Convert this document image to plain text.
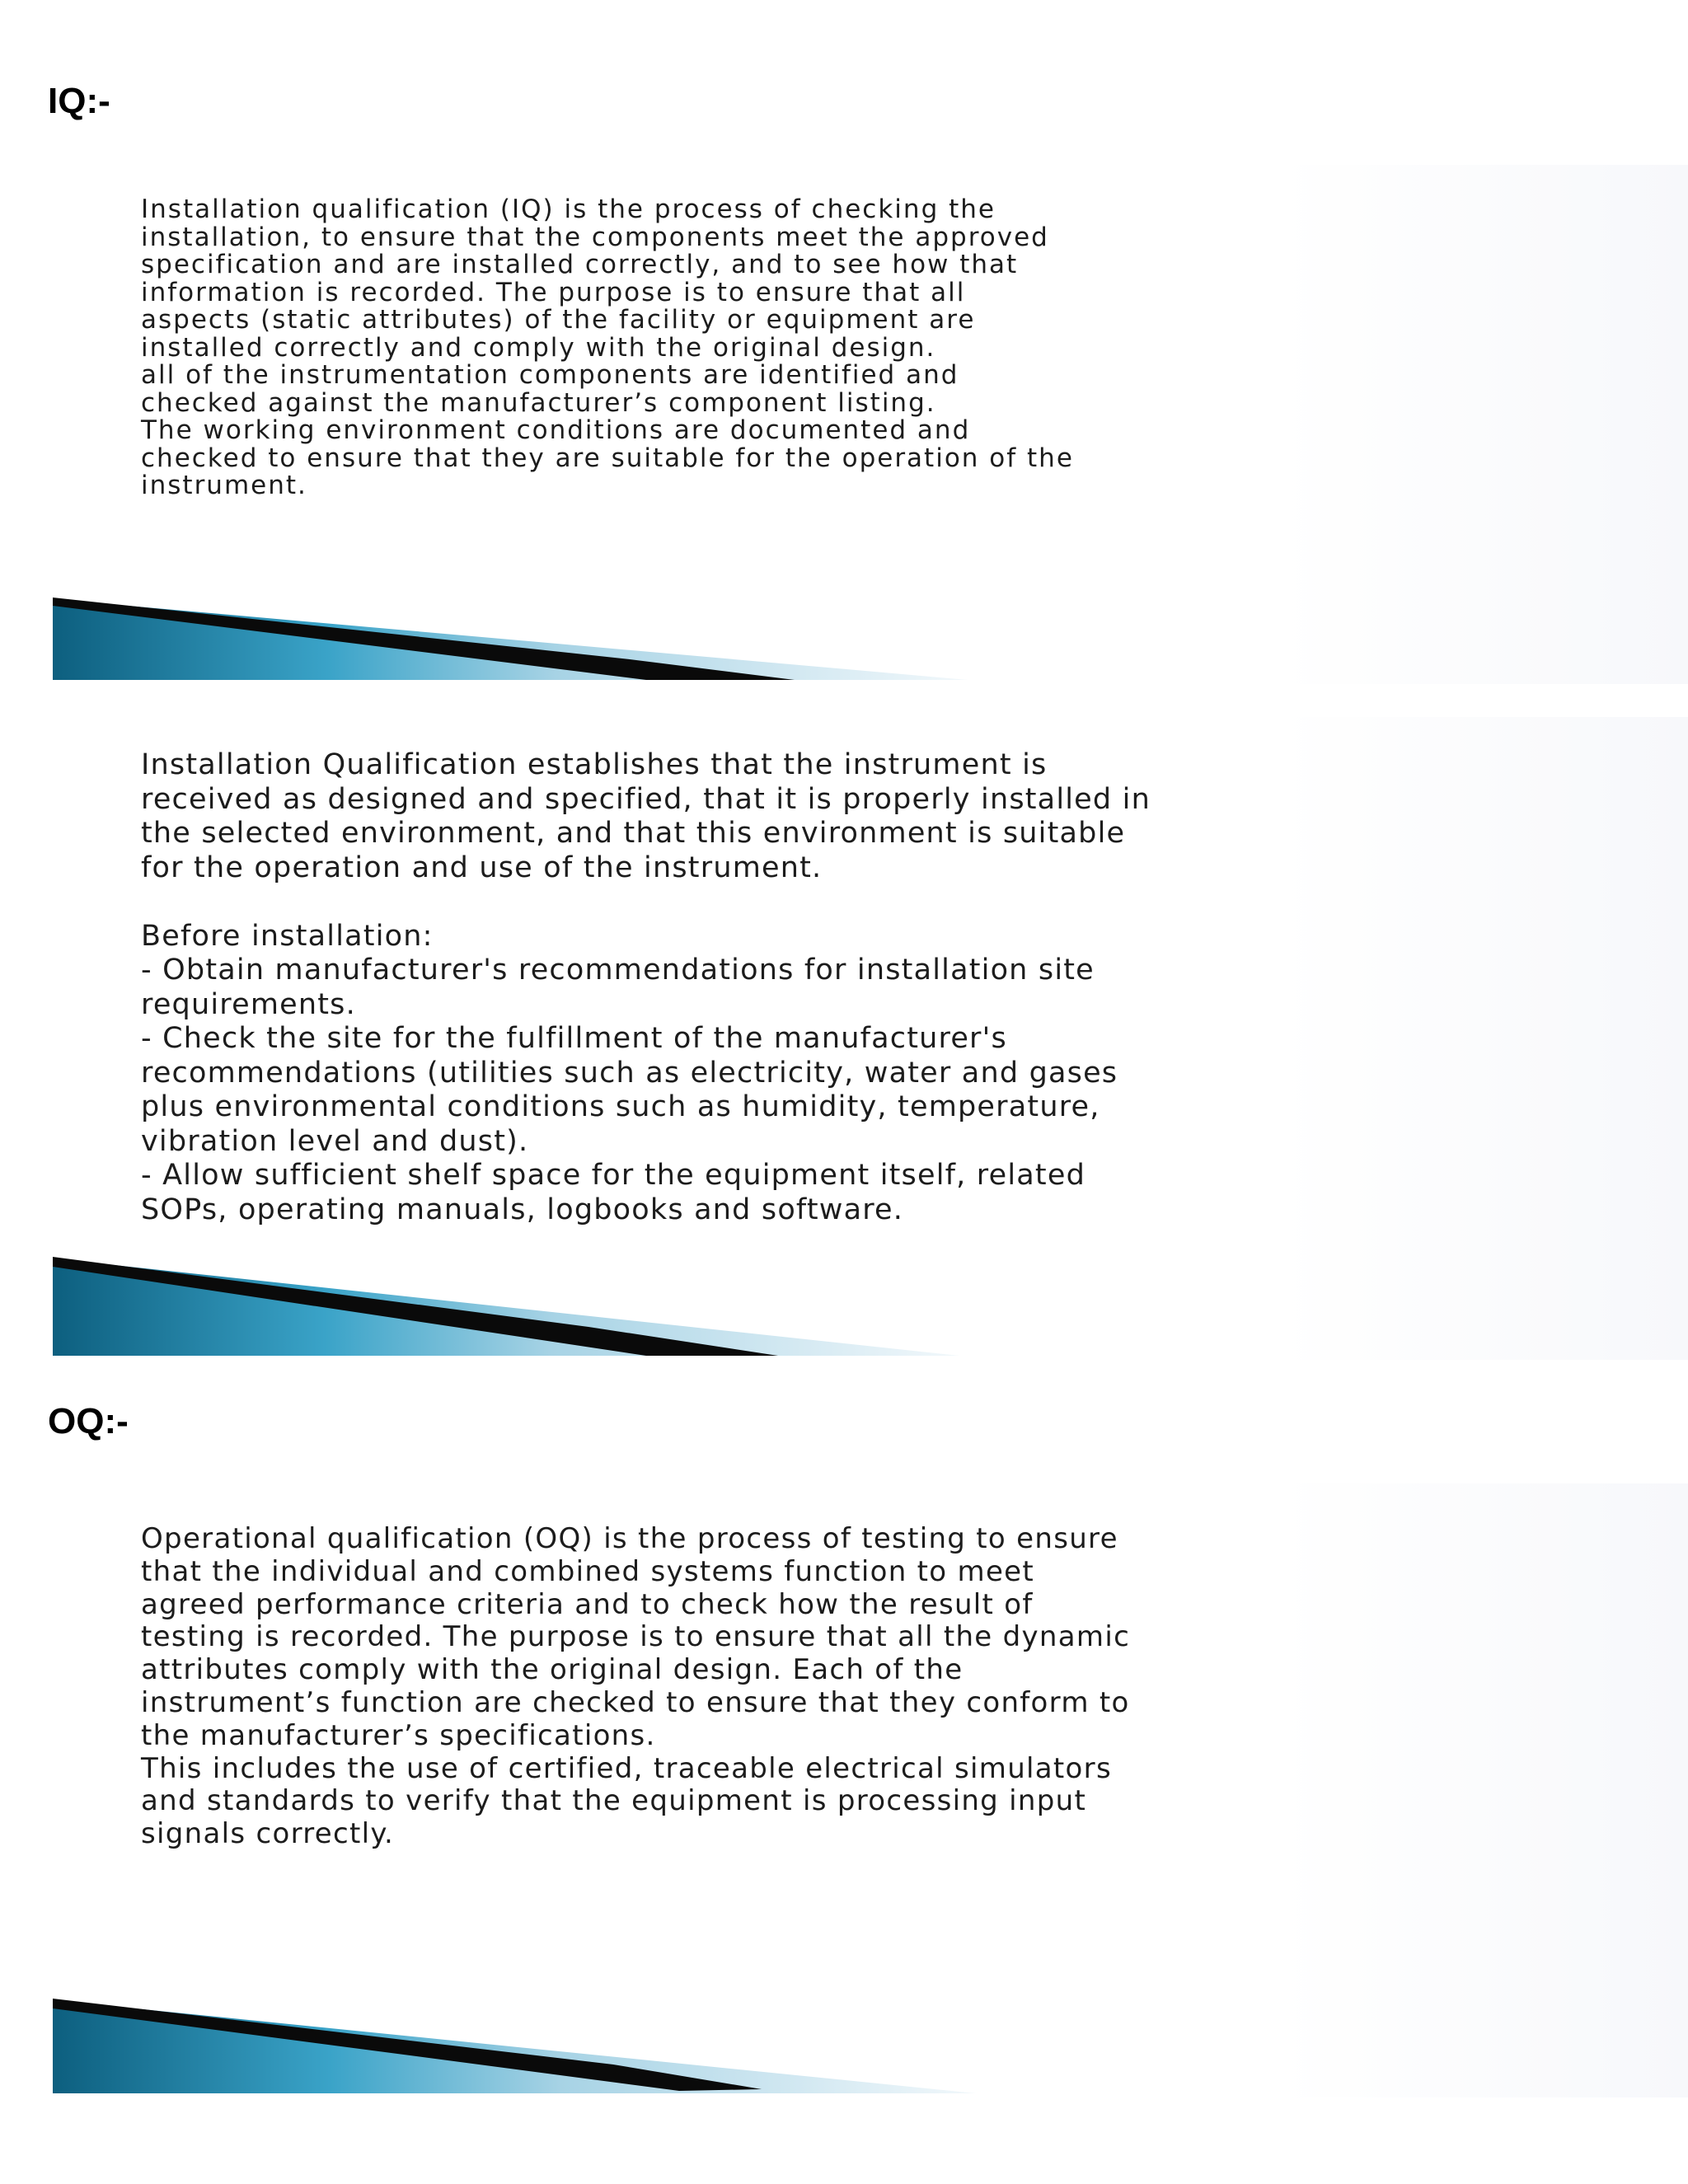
IQ:-
Installation qualification (IQ) is the process of checking the
installation, to ensure that the components meet the approved
specification and are installed correctly, and to see how that
information is recorded. The purpose is to ensure that all
aspects (static attributes) of the facility or equipment are
installed correctly and comply with the original design.
all of the instrumentation components are identified and
checked against the manufacturer’s component listing.
The working environment conditions are documented and
checked to ensure that they are suitable for the operation of the
instrument.
Installation Qualification establishes that the instrument is
received as designed and specified, that it is properly installed in
the selected environment, and that this environment is suitable
for the operation and use of the instrument.

Before installation:
- Obtain manufacturer's recommendations for installation site
requirements.
- Check the site for the fulfillment of the manufacturer's
recommendations (utilities such as electricity, water and gases
plus environmental conditions such as humidity, temperature,
vibration level and dust).
- Allow sufficient shelf space for the equipment itself, related
SOPs, operating manuals, logbooks and software.
OQ:-
Operational qualification (OQ) is the process of testing to ensure
that the individual and combined systems function to meet
agreed performance criteria and to check how the result of
testing is recorded. The purpose is to ensure that all the dynamic
attributes comply with the original design. Each of the
instrument’s function are checked to ensure that they conform to
the manufacturer’s specifications.
This includes the use of certified, traceable electrical simulators
and standards to verify that the equipment is processing input
signals correctly.
